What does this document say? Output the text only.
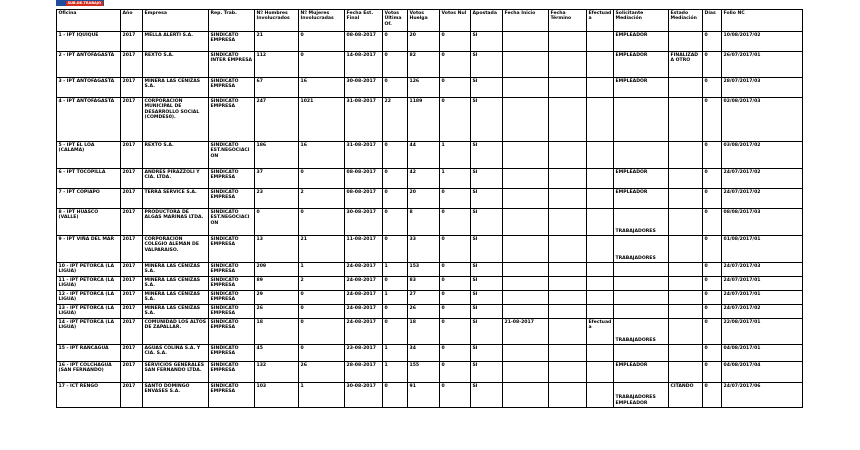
SUB.DE.TRABAJO
Oficina	Año	Empresa	Rep. Trab.	Nº Hombres Involucrados	Nº Mujeres Involucradas	Fecha Est. Final	Votos Última Of.	Votos Huelga	Votos Nul	Apostada	Fecha Inicio	Fecha Término	Efectuada	Solicitante Mediación	Estado Mediación	Días	Folio NC
1 - IPT IQUIQUE	2017	MELLA ALERTI S.A.	SINDICATO EMPRESA	21	0	08-08-2017	0	20	0	SI				EMPLEADOR		0	10/08/2017/02
2 - IPT ANTOFAGASTA	2017	REXTO S.A.	SINDICATO INTER EMPRESA	112	0	14-08-2017	0	82	0	SI				EMPLEADOR	FINALIZADA OTRO	0	26/07/2017/01
3 - IPT ANTOFAGASTA	2017	MINERA LAS CENIZAS S.A.	SINDICATO EMPRESA	67	16	30-08-2017	0	126	0	SI				EMPLEADOR		0	28/07/2017/03
4 - IPT ANTOFAGASTA	2017	CORPORACION MUNICIPAL DE DESARROLLO SOCIAL (COMDES0).	SINDICATO EMPRESA	247	1021	31-08-2017	22	1189	0	SI						0	02/08/2017/03
5 - IPT EL LOA (CALAMA)	2017	REXTO S.A.	SINDICATO EST.NEGOCIACION	186	16	31-08-2017	0	44	1	SI						0	03/08/2017/02
6 - IPT TOCOPILLA	2017	ANDRES PIRAZZOLI Y CIA. LTDA.	SINDICATO EMPRESA	37	0	08-08-2017	0	42	1	SI				EMPLEADOR		0	24/07/2017/02
7 - IPT COPIAPO	2017	TERRA SERVICE S.A.	SINDICATO EMPRESA	23	2	08-08-2017	0	20	0	SI				EMPLEADOR		0	24/07/2017/02
8 - IPT HUASCO (VALLE)	2017	PRODUCTORA DE ALGAS MARINAS LTDA.	SINDICATO EST.NEGOCIACION	0	0	30-08-2017	0	8	0	SI				TRABAJADORES		0	08/08/2017/03
9 - IPT VIÑA DEL MAR	2017	CORPORACION COLEGIO ALEMAN DE VALPARAISO.	SINDICATO EMPRESA	13	21	11-08-2017	0	33	0	SI				TRABAJADORES		0	01/08/2017/01
10 - IPT PETORCA (LA LIGUA)	2017	MINERA LAS CENIZAS S.A.	SINDICATO EMPRESA	209	1	24-08-2017	1	153	0	SI						0	24/07/2017/03
11 - IPT PETORCA (LA LIGUA)	2017	MINERA LAS CENIZAS S.A.	SINDICATO EMPRESA	89	2	24-08-2017	0	83	0	SI						0	24/07/2017/01
12 - IPT PETORCA (LA LIGUA)	2017	MINERA LAS CENIZAS S.A.	SINDICATO EMPRESA	29	0	24-08-2017	1	27	0	SI						0	24/07/2017/01
13 - IPT PETORCA (LA LIGUA)	2017	MINERA LAS CENIZAS S.A.	SINDICATO EMPRESA	26	0	24-08-2017	0	26	0	SI						0	24/07/2017/02
14 - IPT PETORCA (LA LIGUA)	2017	COMUNIDAD LOS ALTOS DE ZAPALLAR.	SINDICATO EMPRESA	18	0	24-08-2017	0	18	0	SI	21-08-2017		Efectuada	TRABAJADORES		0	22/08/2017/01
15 - IPT RANCAGUA	2017	AGUAS COLINA S.A. Y CIA. S.A.	SINDICATO EMPRESA	45	0	23-08-2017	1	34	0	SI						0	04/08/2017/01
16 - IPT COLCHAGUA (SAN FERNANDO)	2017	SERVICIOS GENERALES SAN FERNANDO LTDA.	SINDICATO EMPRESA	132	26	28-08-2017	1	155	0	SI				EMPLEADOR		0	04/08/2017/04
17 - ICT RENGO	2017	SANTO DOMINGO ENVASES S.A.	SINDICATO EMPRESA	103	1	30-08-2017	0	91	0	SI				TRABAJADORES EMPLEADOR	CITANDO	0	24/07/2017/06
